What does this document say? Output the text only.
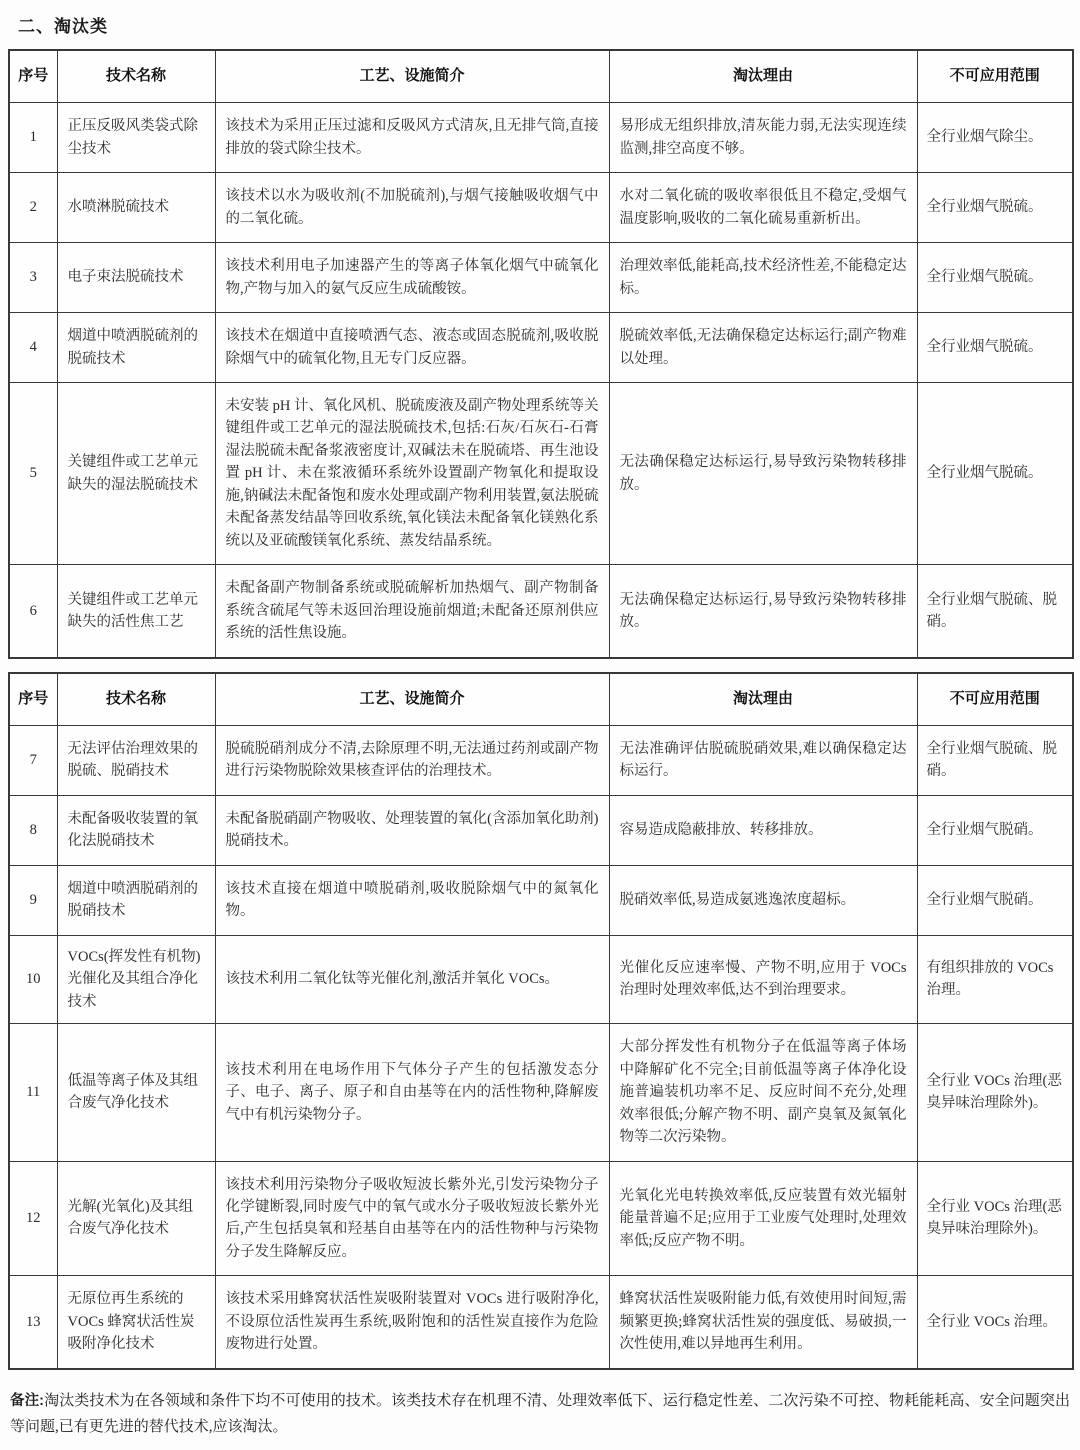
二、淘汰类
序号	技术名称	工艺、设施简介	淘汰理由	不可应用范围
1	正压反吸风类袋式除尘技术	该技术为采用正压过滤和反吸风方式清灰,且无排气筒,直接排放的袋式除尘技术。	易形成无组织排放,清灰能力弱,无法实现连续监测,排空高度不够。	全行业烟气除尘。
2	水喷淋脱硫技术	该技术以水为吸收剂(不加脱硫剂),与烟气接触吸收烟气中的二氧化硫。	水对二氧化硫的吸收率很低且不稳定,受烟气温度影响,吸收的二氧化硫易重新析出。	全行业烟气脱硫。
3	电子束法脱硫技术	该技术利用电子加速器产生的等离子体氧化烟气中硫氧化物,产物与加入的氨气反应生成硫酸铵。	治理效率低,能耗高,技术经济性差,不能稳定达标。	全行业烟气脱硫。
4	烟道中喷洒脱硫剂的脱硫技术	该技术在烟道中直接喷洒气态、液态或固态脱硫剂,吸收脱除烟气中的硫氧化物,且无专门反应器。	脱硫效率低,无法确保稳定达标运行;副产物难以处理。	全行业烟气脱硫。
5	关键组件或工艺单元缺失的湿法脱硫技术	未安装 pH 计、氧化风机、脱硫废液及副产物处理系统等关键组件或工艺单元的湿法脱硫技术,包括:石灰/石灰石-石膏湿法脱硫未配备浆液密度计,双碱法未在脱硫塔、再生池设置 pH 计、未在浆液循环系统外设置副产物氧化和提取设施,钠碱法未配备饱和废水处理或副产物利用装置,氨法脱硫未配备蒸发结晶等回收系统,氧化镁法未配备氧化镁熟化系统以及亚硫酸镁氧化系统、蒸发结晶系统。	无法确保稳定达标运行,易导致污染物转移排放。	全行业烟气脱硫。
6	关键组件或工艺单元缺失的活性焦工艺	未配备副产物制备系统或脱硫解析加热烟气、副产物制备系统含硫尾气等未返回治理设施前烟道;未配备还原剂供应系统的活性焦设施。	无法确保稳定达标运行,易导致污染物转移排放。	全行业烟气脱硫、脱硝。
序号	技术名称	工艺、设施简介	淘汰理由	不可应用范围
7	无法评估治理效果的脱硫、脱硝技术	脱硫脱硝剂成分不清,去除原理不明,无法通过药剂或副产物进行污染物脱除效果核查评估的治理技术。	无法准确评估脱硫脱硝效果,难以确保稳定达标运行。	全行业烟气脱硫、脱硝。
8	未配备吸收装置的氧化法脱硝技术	未配备脱硝副产物吸收、处理装置的氧化(含添加氧化助剂)脱硝技术。	容易造成隐蔽排放、转移排放。	全行业烟气脱硝。
9	烟道中喷洒脱硝剂的脱硝技术	该技术直接在烟道中喷脱硝剂,吸收脱除烟气中的氮氧化物。	脱硝效率低,易造成氨逃逸浓度超标。	全行业烟气脱硝。
10	VOCs(挥发性有机物)光催化及其组合净化技术	该技术利用二氧化钛等光催化剂,激活并氧化 VOCs。	光催化反应速率慢、产物不明,应用于 VOCs 治理时处理效率低,达不到治理要求。	有组织排放的 VOCs 治理。
11	低温等离子体及其组合废气净化技术	该技术利用在电场作用下气体分子产生的包括激发态分子、电子、离子、原子和自由基等在内的活性物种,降解废气中有机污染物分子。	大部分挥发性有机物分子在低温等离子体场中降解矿化不完全;目前低温等离子体净化设施普遍装机功率不足、反应时间不充分,处理效率很低;分解产物不明、副产臭氧及氮氧化物等二次污染物。	全行业 VOCs 治理(恶臭异味治理除外)。
12	光解(光氧化)及其组合废气净化技术	该技术利用污染物分子吸收短波长紫外光,引发污染物分子化学键断裂,同时废气中的氧气或水分子吸收短波长紫外光后,产生包括臭氧和羟基自由基等在内的活性物种与污染物分子发生降解反应。	光氧化光电转换效率低,反应装置有效光辐射能量普遍不足;应用于工业废气处理时,处理效率低;反应产物不明。	全行业 VOCs 治理(恶臭异味治理除外)。
13	无原位再生系统的 VOCs 蜂窝状活性炭吸附净化技术	该技术采用蜂窝状活性炭吸附装置对 VOCs 进行吸附净化,不设原位活性炭再生系统,吸附饱和的活性炭直接作为危险废物进行处置。	蜂窝状活性炭吸附能力低,有效使用时间短,需频繁更换;蜂窝状活性炭的强度低、易破损,一次性使用,难以异地再生利用。	全行业 VOCs 治理。

备注:淘汰类技术为在各领域和条件下均不可使用的技术。该类技术存在机理不清、处理效率低下、运行稳定性差、二次污染不可控、物耗能耗高、安全问题突出等问题,已有更先进的替代技术,应该淘汰。
